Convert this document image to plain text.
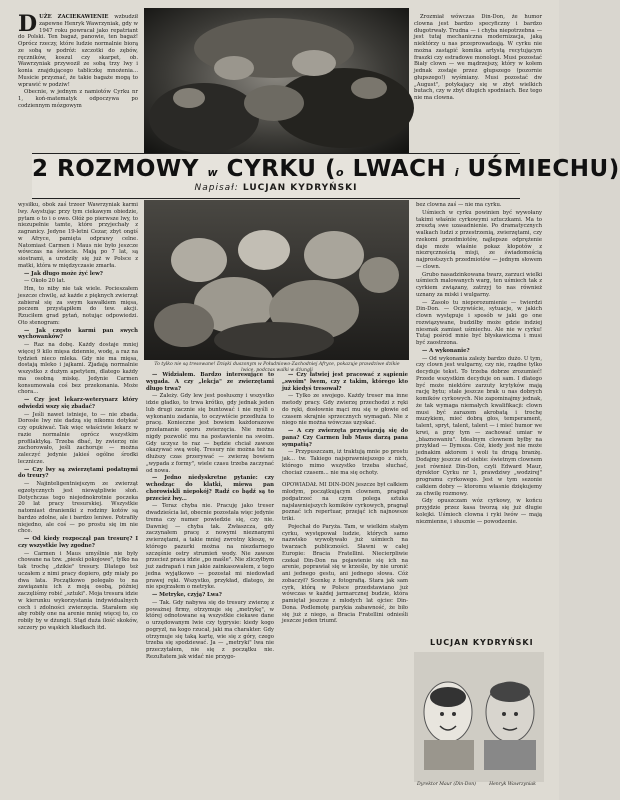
DUŻE ZACIEKAWIENIE wzbudził zapewne Henryk Wawrzyniak, gdy w 1947 roku powracał jako repatriant do Polski. Ten bagaż, panowie, ten bagaż! Oprócz rzeczy, które ludzie normalnie biorą ze sobą w podróż: szczotki do zębów, ręczników, koszul czy skarpet, ob. Wawrzyniak przywoził ze sobą trzy lwy i konia znajdującego tabliczkę mnożenia... Musicie przyznać, że takie bagaże mogą to wprawić w podziw!

Obecnie, w jednym z namiotów Cyrku nr 1, koń-matematyk odpoczywa po codziennym mózgowym

Zrozmiał wówczas Din-Don, że humor clowna jest bardzo specyficzny i bardzo długotrwały. Trudna — i chyba niepotrzebna — jest tutaj mechaniczna modernizacja, jaką niektórzy u nas przeprowadzają. W cyrku nie można zastąpić komika artystą recytującym fraszki czy estradowe monologi. Musi pozostać Biały clown — we mądrzejszy, który w kołem jednak zostaje przez głupszego (pozornie głupszego!) wyśmiany. Musi pozostać dw „August", potykający się w zbyt wielkich butach, czy w zbyt długich spodniach. Bez tego nie ma clowna.

2 ROZMOWY w CYRKU (o LWACH i UŚMIECHU)
Napisał: LUCJAN KYDRYŃSKI
To tylko nie są tresowane! Dzięki duszonym w Południowo-Zachodniej Afryce, pokazuje prawdziwe dzikie lwice, podczas walki w dżungli

wysiłku, obok zaś trzeer Wawrzyniak karmi lwy. Asystując przy tym ciekawym obiedzie, pytam o to i o owo. Ołóż po pierwsze lwy, to niezupełnie tamte, które przyjechały z zagranicy. Jedyne 19-letni Cezar, zbyt ongiś w Afryce, pamięta odprawy celne. Natomiast Carmen i Maus nie było jeszcze wówczas na świecie. Mają po 7 lat, są siostrami, a urodziły się już w Polsce z matki, która w międzyczasie zmarła.

— Jak długo może żyć lew?

— Około 20 lat.

Hm, to niby nie tak wiele. Pocieszałem jeszcze chwilę, aż każde z pięknych zwierząt zabierał się za swym kawałkiem mięsa, poczem przystąpiłem do tew. akcji. Rzuciłem grad pytań, notując odpowiedzi. Oto stenogram:

— Jak często karmi pan swych wychowanków?

— Raz na dobę. Każdy dostaje mniej więcej 9 kilo mięsa dziennie, wodę, a raz na tydzień nieco mleka. Gdy nie ma mięsa, dostają mleko i jajkami. Zjadają normalnie wszystko z dużym apetytem, dlatego każdy ma osobną miskę. Jedynie Carmen konsumowała coś bez przekonania. Może chora...

— Czy jest lekarz-weterynarz który odwiedzi wszy się zbadać?

— Jeśli nawet istnieje, to — nie zbada. Dorosłe lwy nie dadzą się nikomu dotykać czy opukiwać. Tak więc właściwie lekarz w razie normalnie oprócz wszystkim profilaktyką. Trzeba dbać, by zwierzę nie zachorowało, jeśli zachoruje — można zaleczyć jedynie jakieś ogólne środki lecznicze.

— Czy lwy są zwierzętami podatnymi do treury?

— Najinteligentniejszym ze zwierząt egzotycznych jest niewątpliwie słoń. Dotychczas tego niejednokrotnie poczeka 20 lat pracy tresurskiej. Wszystkie natomiast dranieniki z rodziny kotów są bardzo zdolne, ale i bardzo leniwe. Potrafiły niejedno, ale coś — po prostu się im nie chce.

— Od kiedy rozpoczął pan tresurę? I czy wszystkie lwy zgodne?

— Carmen i Maus umyślnie nie były chowane na tzw. „pieski pokojowe", tylko na tak trochę „dzikie" tresury. Dlatego też uczałem z nimi pracy dopiero, gdy miały po dwa lata. Początkowo polegało to na zawiązaniu ich z moją osobą, później zaczęliśmy robić „sztuki". Moja tresura idzie w kierunku wykorzystania indywidualnych cech i zdolności zwierzęcia. Starałem się aby robiły one na arenie mniej więcej to, co robiły by w dżungli. Stąd duża ilość skoków, szczery po wąskich kładkach itd.

— Widziałem. Bardzo interesujące to wygada. A czy „lekcja" ze zwierzętami długo trwa?

— Zależy. Gdy lew jest posłuszny i wszystko idzie gładko, to trwa krótko, gdy jednak jeden lub drugi zacznie się buntować i nie myśli o wykonaniu zadania, to oczywiście przedłuża to pracę. Konieczne jest bowiem każdorazowe przełamanie oporu zwierzęcia. Nie można nigdy pozwolić mu na postawienie na swoim. Gdy uczysz to raz — będzie chciał zawsze okazywać swą wolę. Tresury nie można też na dłuższy czas przerywać — zwierzę bowiem „wypada z formy", wiele czasu trzeba zaczynać od nowa.

— Jedno niedyskretne pytanie: czy wchodząc do klatki, miewa pan chorowiskli niepokój? Radź co bądź są to przecież lwy...

— Teraz chyba nie. Pracuję jako treser dwadzieścia lat, obecnie pozostała więc jedynie trema czy numer powiedzie się, czy nie. Dawniej — chyba tak. Zwłaszcza, gdy zaczynałem pracę z nowymi nieznanymi zwierzętami, a takie mniej zwrotny kleszę, w którego pazurki można na niezdarnego szczęśnie ostry strumień wody. Nie zawsze przecież praca idzie „po maśle". Nie zliczyłbym już zadrapań i ran jakie zainkasowałem, z tego jedna wyjątkowo — pozostał mi niedowład prawej ręki. Wszystko, przykład, dlatego, że nie spojrzałem o metryke.

— Metryke, czyją? Lwa?

— Tak. Gdy nabywa się do tresury zwierzę z poważnej firmy, otrzymuje się „metrykę", w której odnotowane są wszystkie ciekawe dane o urzędowanym lwie czy tygrysie: kiedy kogo pogryzł, na kogo rzucał, jaki ma charakter. Gdy otrzymuje się taką kartę, wie się z góry, czego trzeba się spodziewać. Ja — „metryki" lwa nie przeczytałem, nie się z początku nie. Rezultatem jak widać nie przygo-

— Czy łatwiej jest pracować z sąpienie „swoim" lwem, czy z takim, którego kto już kiedyś tresował?

— Tylko ze swojego. Każdy treser ma inne metody pracy. Gdy zwierzę przechodzi z ręki do ręki, dosłownie mąci mu się w głowie od czasem skrajnie sprzecznych wymagań. Nie z niego nie można wówczas uzyskać.

— A czy zwierzęta przywiązują się do pana? Czy Carmen lub Maus darzą pana sympatią?

— Przypuszczam, iż traktują mnie po prostu jak... tw. Takiego najsprawniejszego z nich, którego mimo wszystko trzeba słuchać, chociaż czasem... nie ma się ochoty.

OPOWIADAŁ MI DIN-DON jeszcze był całkiem młodym, początkującym clownem, pragnął podpatrzeć na czym polega sztuka najsławniejszych komików cyrkowych, pragnął poznać ich repertuar, przejąć ich najnowsze triki.

Pojechał do Paryża. Tam, w wielkim stałym cyrku, występował ludzie, których samo nazwisko wywoływało już uśmiech na twarzach publiczności. Sławni w całej Europie: Bracia Fratellini. Niecierpliwie czekał Din-Don na pojawienie się ich na arenie, poprawiał się w krześle, by nie uronić ani jednego gestu, ani jednego słowa. Cóż zobaczył? Scenkę z fotografią. Stara jak sam cyrk, którą w Polsce przedstawiano już wówczas w każdej jarmarcznej budzie, która pamiętał jeszcze z młodych lat ojciec Din-Dona. Podlemotę parykia zabawność, że biło się już z niego, a Bracia Fratellini odnieśli jeszcze jeden triumf.

bez clowna zaś — nie ma cyrku.

Uśmiech w cyrku powinien być wywołany takimi właśnie cyrkowymi sztuczkami. Ma to zresztą swe uzasadnienie. Po dramatycznych walkach ludzi z przestrzenią, zwierzętami, czy rzekomi przedmiotów, najlepsze odprężenie daje może właśnie pokaz kłopotów z niezręcznością misji, ze świadomością najprostszych przedmiotów — jednym słowem — clown.

Grubo nasadzinkowana twarz, zarzuci wielki uśmiech malowanych warg, ten uśmiech tak z cyrkiem związany, zatrzyj to nas również uznany za miski i wulgarny.

— Zasoło tu nieporozumienie — twierdzi Din-Don. — Oczywiście, sytuacje, w jakich clown występuje i sposób w jaki go one rozwiązywane, budziłby może gdzie indziej niesmak zamiast uśmiechu. Ale nie w cyrku! Tutaj pośród mnie być błyskawiczna i musi być zaostrzona.

— A wykonanie?

— Od wykonania zależy bardzo dużo. U tym, czy clown jest wulgarny, czy nie, rządne tylko decyduje tekst. To trzeba dobrze zrozumieć! Przede wszystkim decyduje on sam. I dlatego być może niektóre zarzuty krytyków mają rację bytu; stale jeszcze brak u nas dobrych komików cyrkowych. Nie zapominajmy jednak, że tak wymaga niemałych kwalifikacji: clown musi być zarazem akrobatą i trochę muzykiem, mieć dobrą głos, temperament, talent, spryt, talent, talent — i mieć humor we krwi, a przy tym — zachować umiar w „błaznowaniu". Idealnym clownem byłby na przykład — Dymsza. Cóż, kiedy jest nie może jednakim aktorem i woli tu drugą branżę. Dodajmy jeszcze od siebie: świetnym clownem jest również Din-Don, czyli Edward Maur, dyrektor Cyrku nr 1, prawdziwy „wodzirej" programu cyrkowego. Jest w tym sezonie całkiem dobry — ktoromu własnie dziękujemy za chwilę rozmowy.

Gdy opuszczam wóz cyrkowy, w końcu przyjdzie przez kasa tworzą się już długie kolejki. Uśmiech clowna i ryki lwów — mają niezmienne, i słusznie — powodzenie.

LUCJAN KYDRYŃSKI
Dyrektor Maur (Din-Don)	Henryk Wawrzyniak
